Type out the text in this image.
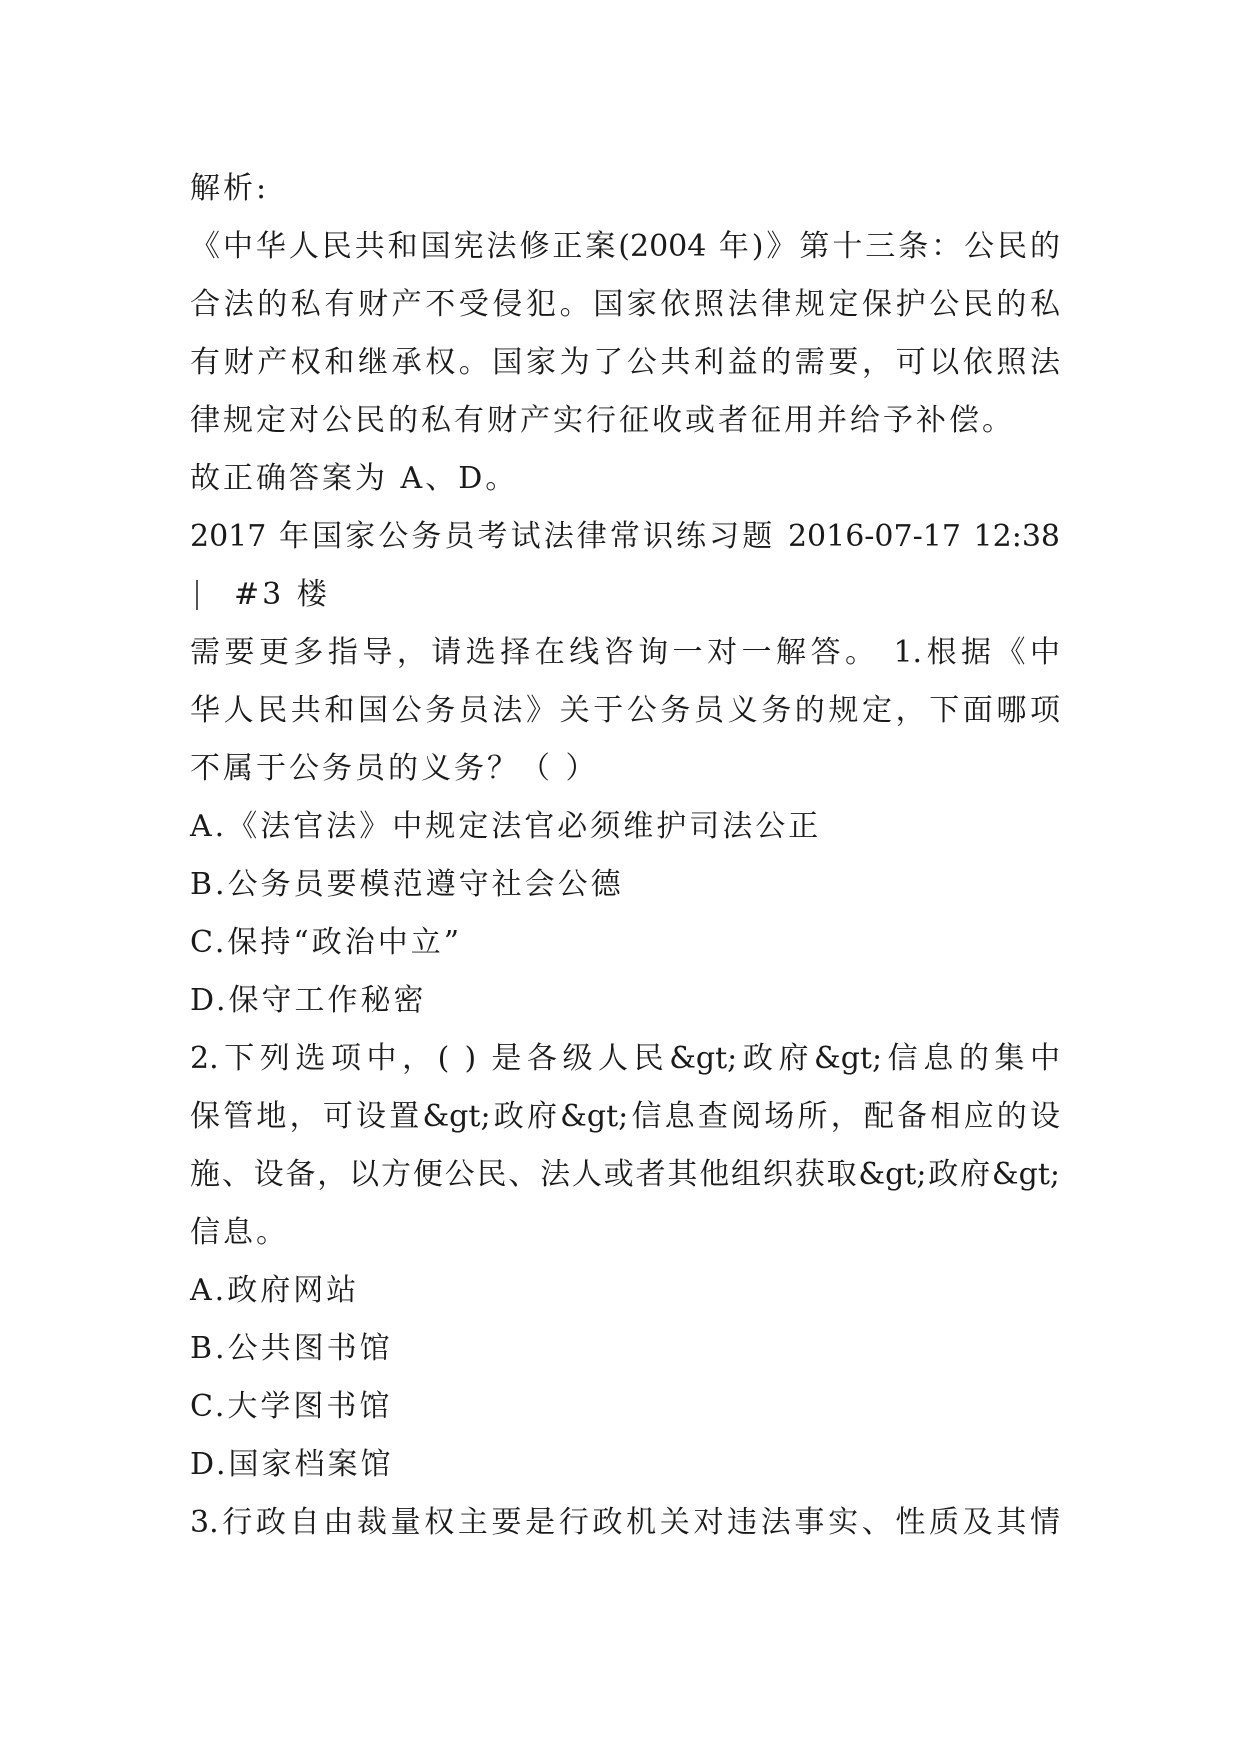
解析:
《中华人民共和国宪法修正案(2004 年)》第十三条：公民的
合法的私有财产不受侵犯。国家依照法律规定保护公民的私
有财产权和继承权。国家为了公共利益的需要，可以依照法
律规定对公民的私有财产实行征收或者征用并给予补偿。
故正确答案为 A、D。
2017 年国家公务员考试法律常识练习题 2016-07-17 12:38
#3 楼
需要更多指导，请选择在线咨询一对一解答。 1.根据《中
华人民共和国公务员法》关于公务员义务的规定，下面哪项
不属于公务员的义务？（ ）
A.《法官法》中规定法官必须维护司法公正
B.公务员要模范遵守社会公德
C.保持“政治中立”
D.保守工作秘密
2.下列选项中，( ) 是各级人民&gt;政府&gt;信息的集中
保管地，可设置&gt;政府&gt;信息查阅场所，配备相应的设
施、设备，以方便公民、法人或者其他组织获取&gt;政府&gt;
信息。
A.政府网站
B.公共图书馆
C.大学图书馆
D.国家档案馆
3.行政自由裁量权主要是行政机关对违法事实、性质及其情
